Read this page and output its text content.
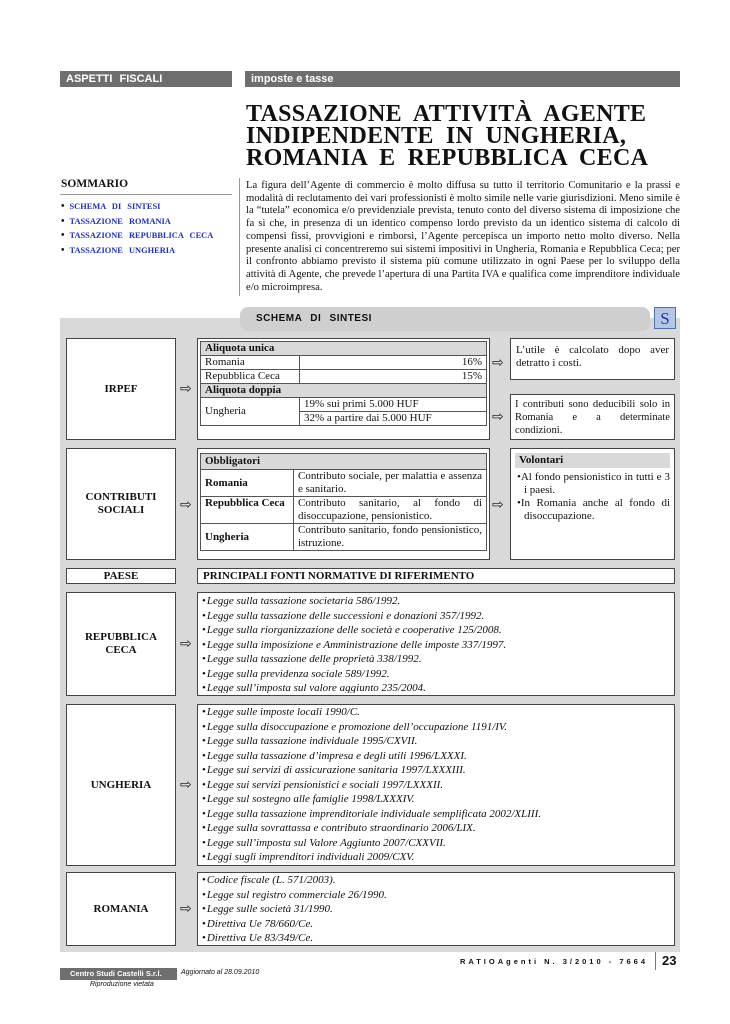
ASPETTI FISCALI	imposte e tasse
TASSAZIONE ATTIVITÀ AGENTE
INDIPENDENTE IN UNGHERIA,
ROMANIA E REPUBBLICA CECA
SOMMARIO
• SCHEMA DI SINTESI
• TASSAZIONE ROMANIA
• TASSAZIONE REPUBBLICA CECA
• TASSAZIONE UNGHERIA
La figura dell’Agente di commercio è molto diffusa su tutto il territorio Comunitario e la prassi e modalità di reclutamento dei vari professionisti è molto simile nelle varie giurisdizioni. Meno simile è la “tutela” economica e/o previdenziale prevista, tenuto conto del diverso sistema di imposizione che fa sì che, in presenza di un identico compenso lordo previsto da un identico sistema di calcolo di compensi fissi, provvigioni e rimborsi, l’Agente percepisca un importo netto molto diverso. Nella presente analisi ci concentreremo sui sistemi impositivi in Ungheria, Romania e Repubblica Ceca; per il confronto abbiamo previsto il sistema più comune utilizzato in ogni Paese per lo sviluppo della attività di Agente, che prevede l’apertura di una Partita IVA e qualifica come imprenditore individuale e/o microimpresa.
SCHEMA DI SINTESI	S
IRPEF	⇨
Aliquota unica	
Romania	16%
Repubblica Ceca	15%
Aliquota doppia	
Ungheria	19% sui primi 5.000 HUF
	32% a partire dai 5.000 HUF
⇨
⇨
L’utile è calcolato dopo aver detratto i costi.
I contributi sono deducibili solo in Romania e a determinate condizioni.
CONTRIBUTI
SOCIALI	⇨
Obbligatori	
Romania	Contributo sociale, per malattia e assenza e sanitario.
Repubblica Ceca	Contributo sanitario, al fondo di disoccupazione, pensionistico.
Ungheria	Contributo sanitario, fondo pensionistico, istruzione.
⇨
Volontari
•Al fondo pensionistico in tutti e 3 i paesi.
•In Romania anche al fondo di disoccupazione.
PAESE	PRINCIPALI FONTI NORMATIVE DI RIFERIMENTO
REPUBBLICA
CECA	⇨
• Legge sulla tassazione societaria 586/1992.
• Legge sulla tassazione delle successioni e donazioni 357/1992.
• Legge sulla riorganizzazione delle società e cooperative 125/2008.
• Legge sulla imposizione e Amministrazione delle imposte 337/1997.
• Legge sulla tassazione delle proprietà 338/1992.
• Legge sulla previdenza sociale 589/1992.
• Legge sull’imposta sul valore aggiunto 235/2004.
UNGHERIA ⇨
• Legge sulle imposte locali 1990/C.
• Legge sulla disoccupazione e promozione dell’occupazione 1191/IV.
• Legge sulla tassazione individuale 1995/CXVII.
• Legge sulla tassazione d’impresa e degli utili 1996/LXXXI.
• Legge sui servizi di assicurazione sanitaria 1997/LXXXIII.
• Legge sui servizi pensionistici e sociali 1997/LXXXII.
• Legge sul sostegno alle famiglie 1998/LXXXIV.
• Legge sulla tassazione imprenditoriale individuale semplificata 2002/XLIII.
• Legge sulla sovrattassa e contributo straordinario 2006/LIX.
• Legge sull’imposta sul Valore Aggiunto 2007/CXXVII.
• Leggi sugli imprenditori individuali 2009/CXV.
ROMANIA ⇨
• Codice fiscale (L. 571/2003).
• Legge sul registro commerciale 26/1990.
• Legge sulle società 31/1990.
• Direttiva Ue 78/660/Ce.
• Direttiva Ue 83/349/Ce.
RATIOAgenti N. 3/2010 - 7664 23
Centro Studi Castelli S.r.l.	Aggiornato al 28.09.2010
Riproduzione vietata
